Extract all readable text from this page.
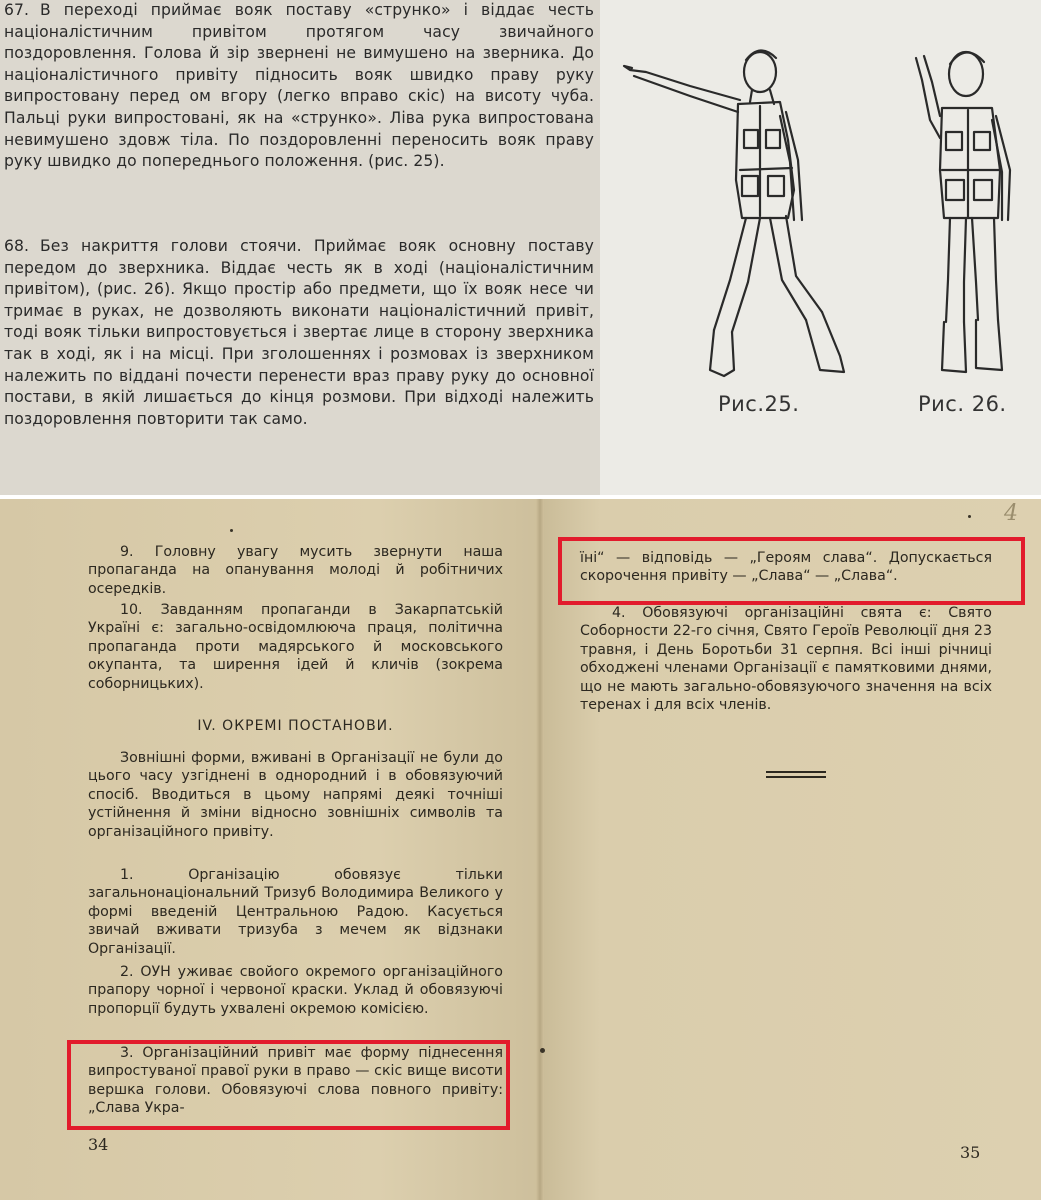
67. В переході приймає вояк поставу «струнко» і віддає честь націоналістичним привітом протягом часу звичайного поздоровлення. Голова й зір звернені не вимушено на зверника. До націоналістичного привіту підносить вояк швидко праву руку випростовану перед ом вгору (легко вправо скіс) на висоту чуба. Пальці руки випростовані, як на «струнко». Ліва рука випростована невимушено здовж тіла. По поздоровленні переносить вояк праву руку швидко до попереднього положення. (рис. 25).
68. Без накриття голови стоячи. Приймає вояк основну поставу передом до зверхника. Віддає честь як в ході (націоналістичним привітом), (рис. 26). Якщо простір або предмети, що їх вояк несе чи тримає в руках, не дозволяють виконати націоналістичний привіт, тоді вояк тільки випростовується і звертає лице в сторону зверхника так в ході, як і на місці. При зголошеннях і розмовах із зверхником належить по віддані почести перенести враз праву руку до основної постави, в якій лишається до кінця розмови. При відході належить поздоровлення повторити так само.
Рис.25.	Рис. 26.
4
9. Головну увагу мусить звернути наша пропаганда на опанування молоді й робітничих осередків.
10. Завданням пропаганди в Закарпатській Україні є: загально-освідомлююча праця, політична пропаганда проти мадярського й московського окупанта, та ширення ідей й кличів (зокрема соборницьких).
IV. ОКРЕМІ ПОСТАНОВИ.
Зовнішні форми, вживані в Організації не були до цього часу узгіднені в однородний і в обовязуючий спосіб. Вводиться в цьому напрямі деякі точніші устійнення й зміни відносно зовнішніх символів та організаційного привіту.
1. Організацію обовязує тільки загальнонаціональний Тризуб Володимира Великого у формі введеній Центральною Радою. Касується звичай вживати тризуба з мечем як відзнаки Організації.
2. ОУН уживає свойого окремого організаційного прапору чорної і червоної краски. Уклад й обовязуючі пропорції будуть ухвалені окремою комісією.
3. Організаційний привіт має форму піднесення випростуваної правої руки в право — скіс вище висоти вершка голови. Обовязуючі слова повного привіту: „Слава Укра-
34
їні“ — відповідь — „Героям слава“. Допускається скорочення привіту — „Слава“ — „Слава“.
4. Обовязуючі організаційні свята є: Свято Соборности 22-го січня, Свято Героїв Революції дня 23 травня, і День Боротьби 31 серпня. Всі інші річниці обходжені членами Організації є памятковими днями, що не мають загально-обовязуючого значення на всіх теренах і для всіх членів.
35
